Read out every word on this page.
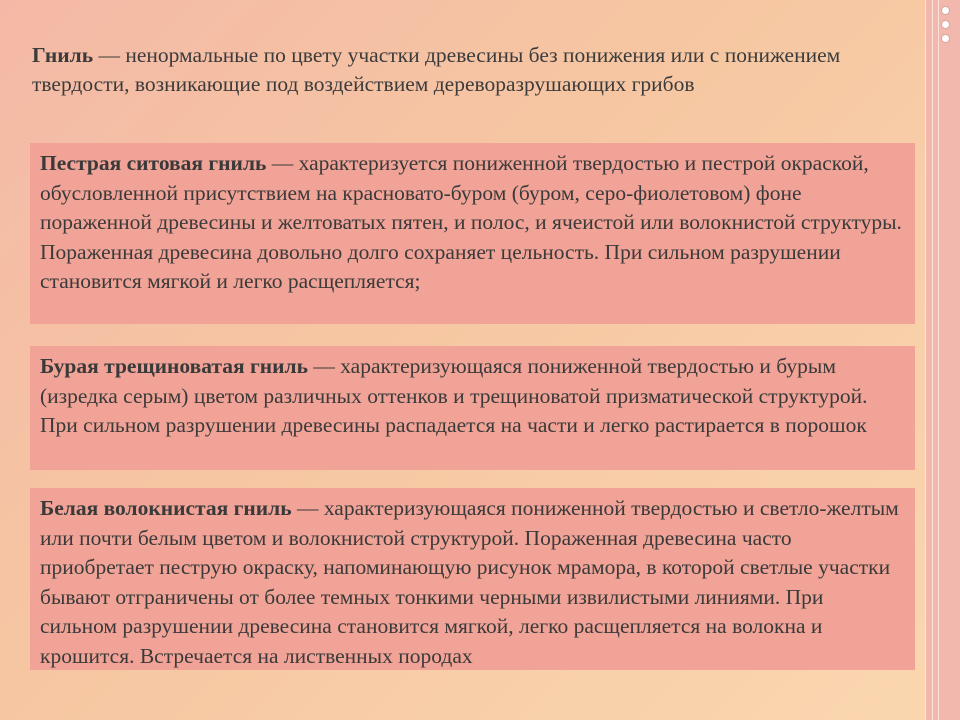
Гниль — ненормальные по цвету участки древесины без понижения или с понижением твердости, возникающие под воздействием дереворазрушающих грибов

Пестрая ситовая гниль — характеризуется пониженной твердостью и пестрой окраской, обусловленной присутствием на красновато-буром (буром, серо-фиолетовом) фоне пораженной древесины и желтоватых пятен, и полос, и ячеистой или волокнистой структуры. Пораженная древесина довольно долго сохраняет цельность. При сильном разрушении становится мягкой и легко расщепляется;

Бурая трещиноватая гниль — характеризующаяся пониженной твердостью и бурым (изредка серым) цветом различных оттенков и трещиноватой призматической структурой. При сильном разрушении древесины распадается на части и легко растирается в порошок

Белая волокнистая гниль — характеризующаяся пониженной твердостью и светло-желтым или почти белым цветом и волокнистой структурой. Пораженная древесина часто приобретает пеструю окраску, напоминающую рисунок мрамора, в которой светлые участки бывают отграничены от более темных тонкими черными извилистыми линиями. При сильном разрушении древесина становится мягкой, легко расщепляется на волокна и крошится. Встречается на лиственных породах
